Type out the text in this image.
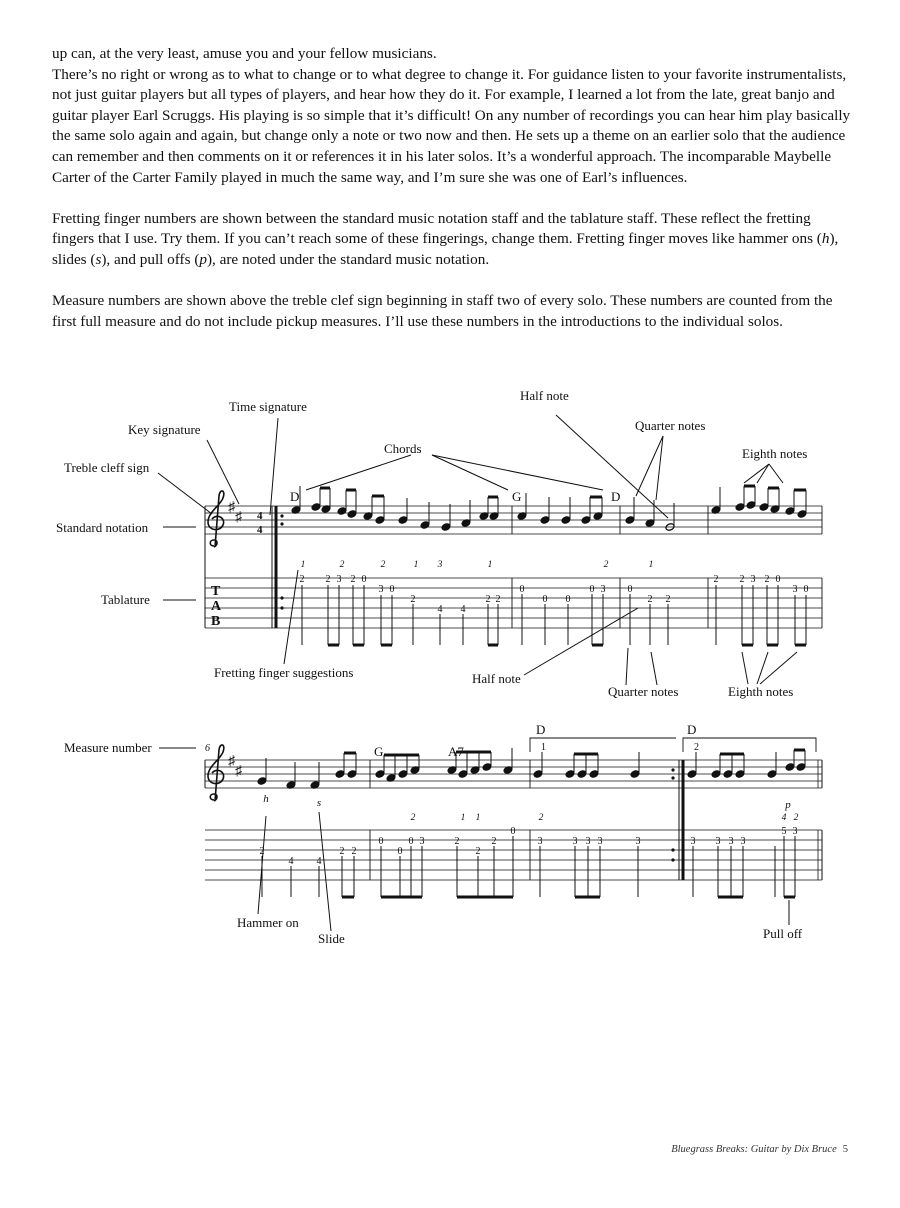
up can, at the very least, amuse you and your fellow musicians.

There’s no right or wrong as to what to change or to what degree to change it. For guidance listen to your favorite instrumentalists, not just guitar players but all types of players, and hear how they do it. For example, I learned a lot from the late, great banjo and guitar player Earl Scruggs. His playing is so simple that it’s difficult! On any number of recordings you can hear him play basically the same solo again and again, but change only a note or two now and then. He sets up a theme on an earlier solo that the audience can remember and then comments on it or references it in his later solos. It’s a wonderful approach. The incomparable Maybelle Carter of the Carter Family played in much the same way, and I’m sure she was one of Earl’s influences.

Fretting finger numbers are shown between the standard music notation staff and the tablature staff. These reflect the fretting fingers that I use. Try them. If you can’t reach some of these fingerings, change them. Fretting finger moves like hammer ons (h), slides (s), and pull offs (p), are noted under the standard music notation.

Measure numbers are shown above the treble clef sign beginning in staff two of every solo. These numbers are counted from the first full measure and do not include pickup measures. I’ll use these numbers in the introductions to the individual solos.

♯
♯ 4
4
T
A
B
2 2 3 2 0
3 0
2
4 4
2 2
0
0 0
0 3 0
2 2
2 2 3 2 0
3 0
1	2	2	1 3	1	2	1
D	G	D
♯
♯
6	1	2
G	A7
D	D
h	s	p
2	1 1	2	4 2
2
4 4
2 2
0
0
0 3	2
2
2
0
3	3 3 3	3	3 3 3 3
5 3
Time signature
Key signature
Treble cleff sign
Standard notation
Tablature
Chords
Half note
Quarter notes
Eighth notes
Fretting finger suggestions	Half note
Quarter notes	Eighth notes
Measure number
Hammer on
Slide	Pull off
Bluegrass Breaks: Guitar by Dix Bruce 5
